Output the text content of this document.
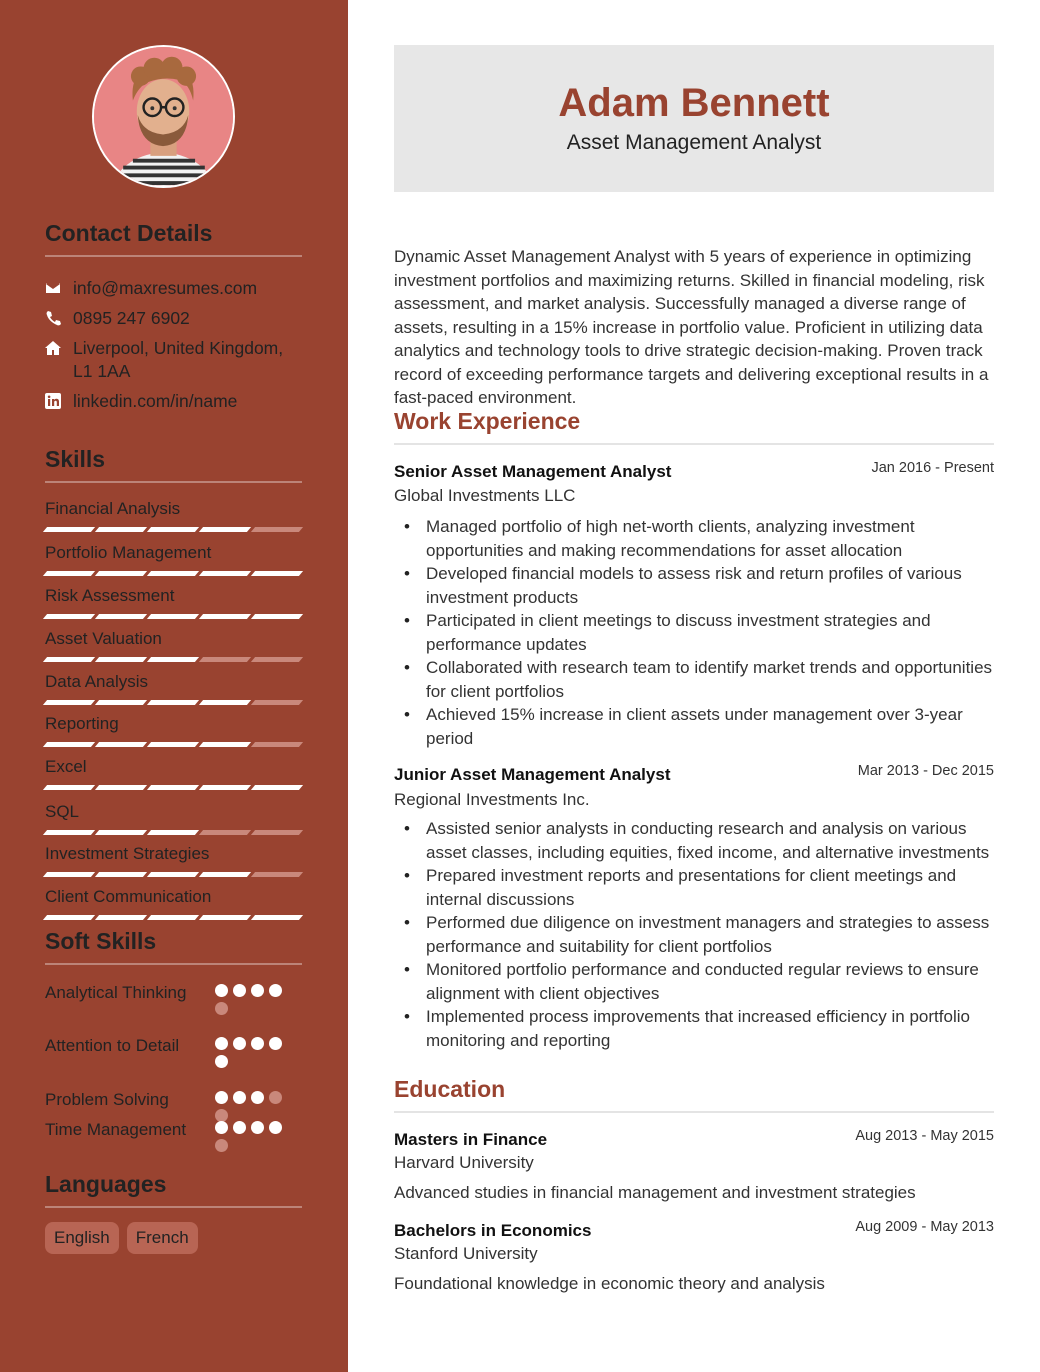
Contact Details
info@maxresumes.com
0895 247 6902
Liverpool, United Kingdom,
L1 1AA
linkedin.com/in/name
Skills
Financial Analysis
Portfolio Management
Risk Assessment
Asset Valuation
Data Analysis
Reporting
Excel
SQL
Investment Strategies
Client Communication
Soft Skills
Analytical Thinking
Attention to Detail
Problem Solving
Time Management
Languages
English	French
Adam Bennett
Asset Management Analyst
Dynamic Asset Management Analyst with 5 years of experience in optimizing investment portfolios and maximizing returns. Skilled in financial modeling, risk assessment, and market analysis. Successfully managed a diverse range of assets, resulting in a 15% increase in portfolio value. Proficient in utilizing data analytics and technology tools to drive strategic decision-making. Proven track record of exceeding performance targets and delivering exceptional results in a fast-paced environment.
Work Experience
Senior Asset Management Analyst	Jan 2016 - Present
Global Investments LLC
• Managed portfolio of high net-worth clients, analyzing investment opportunities and making recommendations for asset allocation
• Developed financial models to assess risk and return profiles of various investment products
• Participated in client meetings to discuss investment strategies and performance updates
• Collaborated with research team to identify market trends and opportunities for client portfolios
• Achieved 15% increase in client assets under management over 3-year period
Junior Asset Management Analyst	Mar 2013 - Dec 2015
Regional Investments Inc.
• Assisted senior analysts in conducting research and analysis on various asset classes, including equities, fixed income, and alternative investments
• Prepared investment reports and presentations for client meetings and internal discussions
• Performed due diligence on investment managers and strategies to assess performance and suitability for client portfolios
• Monitored portfolio performance and conducted regular reviews to ensure alignment with client objectives
• Implemented process improvements that increased efficiency in portfolio monitoring and reporting
Education
Masters in Finance	Aug 2013 - May 2015
Harvard University
Advanced studies in financial management and investment strategies
Bachelors in Economics	Aug 2009 - May 2013
Stanford University
Foundational knowledge in economic theory and analysis
